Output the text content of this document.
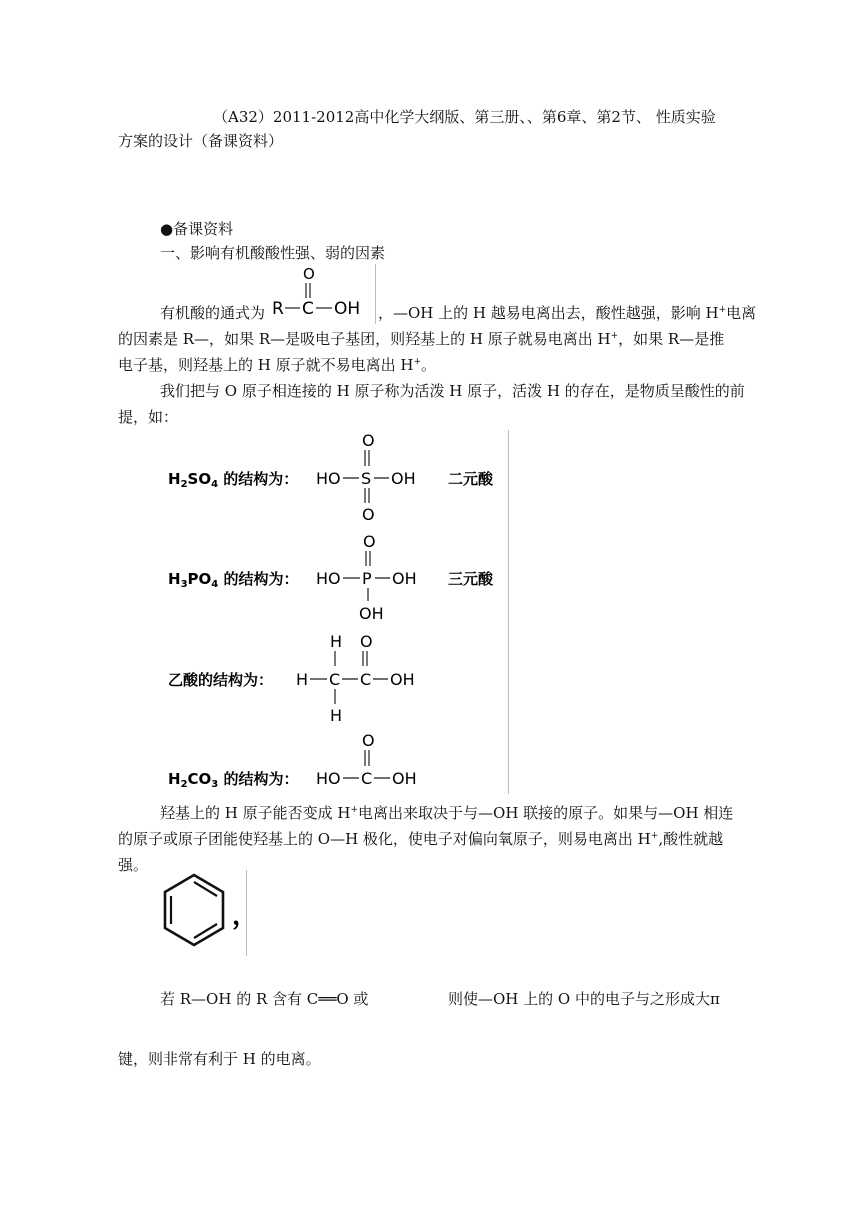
（A32）2011-2012高中化学大纲版、第三册、、第6章、第2节、 性质实验
方案的设计（备课资料）
●备课资料
一、影响有机酸酸性强、弱的因素
O
R C OH
有机酸的通式为	，—OH 上的 H 越易电离出去，酸性越强，影响 H+电离
的因素是 R—，如果 R—是吸电子基团，则羟基上的 H 原子就易电离出 H+，如果 R—是推
电子基，则羟基上的 H 原子就不易电离出 H+。
我们把与 O 原子相连接的 H 原子称为活泼 H 原子，活泼 H 的存在，是物质呈酸性的前
提，如：
$H_2SO_4$ 的结构为： HO S OH
O
O
二元酸
$H_3PO_4$ 的结构为： HO P OH
O
OH
三元酸
乙酸的结构为： H C C OH
H O
H
$H_2CO_3$ 的结构为： HO C OH
O
羟基上的 H 原子能否变成 H+电离出来取决于与—OH 联接的原子。如果与—OH 相连
的原子或原子团能使羟基上的 O—H 极化，使电子对偏向氧原子，则易电离出 H+,酸性就越
强。
，
若 R—OH 的 R 含有 C══O 或	则使—OH 上的 O 中的电子与之形成大π
键，则非常有利于 H 的电离。
